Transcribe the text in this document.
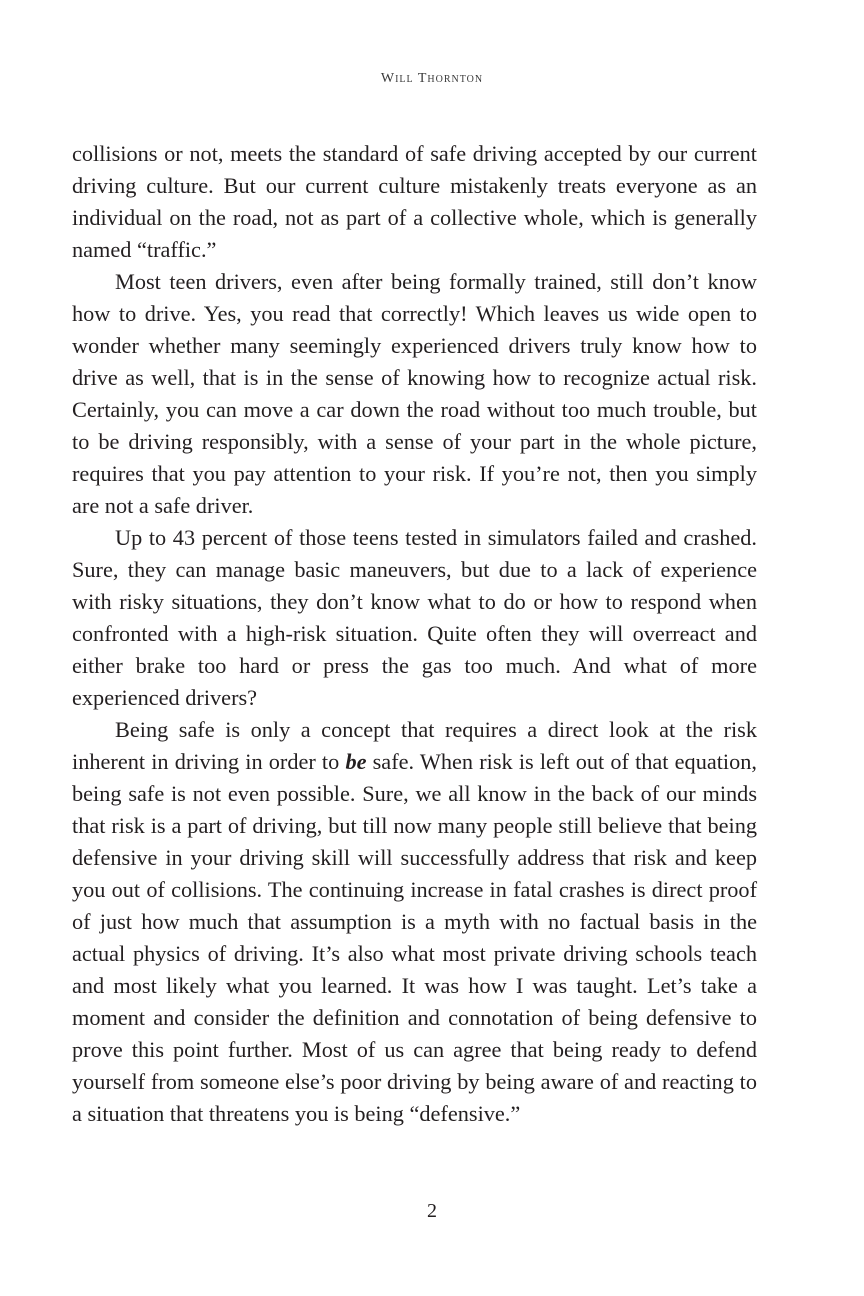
Will Thornton

collisions or not, meets the standard of safe driving accepted by our current driving culture. But our current culture mistakenly treats everyone as an individual on the road, not as part of a collective whole, which is generally named “traffic.”

Most teen drivers, even after being formally trained, still don’t know how to drive. Yes, you read that correctly! Which leaves us wide open to wonder whether many seemingly experienced drivers truly know how to drive as well, that is in the sense of knowing how to recognize actual risk. Certainly, you can move a car down the road without too much trouble, but to be driving responsibly, with a sense of your part in the whole picture, requires that you pay attention to your risk. If you’re not, then you simply are not a safe driver.

Up to 43 percent of those teens tested in simulators failed and crashed. Sure, they can manage basic maneuvers, but due to a lack of experience with risky situations, they don’t know what to do or how to respond when confronted with a high-risk situation. Quite often they will overreact and either brake too hard or press the gas too much. And what of more experienced drivers?

Being safe is only a concept that requires a direct look at the risk inherent in driving in order to be safe. When risk is left out of that equation, being safe is not even possible. Sure, we all know in the back of our minds that risk is a part of driving, but till now many people still believe that being defensive in your driving skill will successfully address that risk and keep you out of collisions. The continuing increase in fatal crashes is direct proof of just how much that assumption is a myth with no factual basis in the actual physics of driving. It’s also what most private driving schools teach and most likely what you learned. It was how I was taught. Let’s take a moment and consider the definition and connotation of being defensive to prove this point further. Most of us can agree that being ready to defend yourself from someone else’s poor driving by being aware of and reacting to a situation that threatens you is being “defensive.”

2
